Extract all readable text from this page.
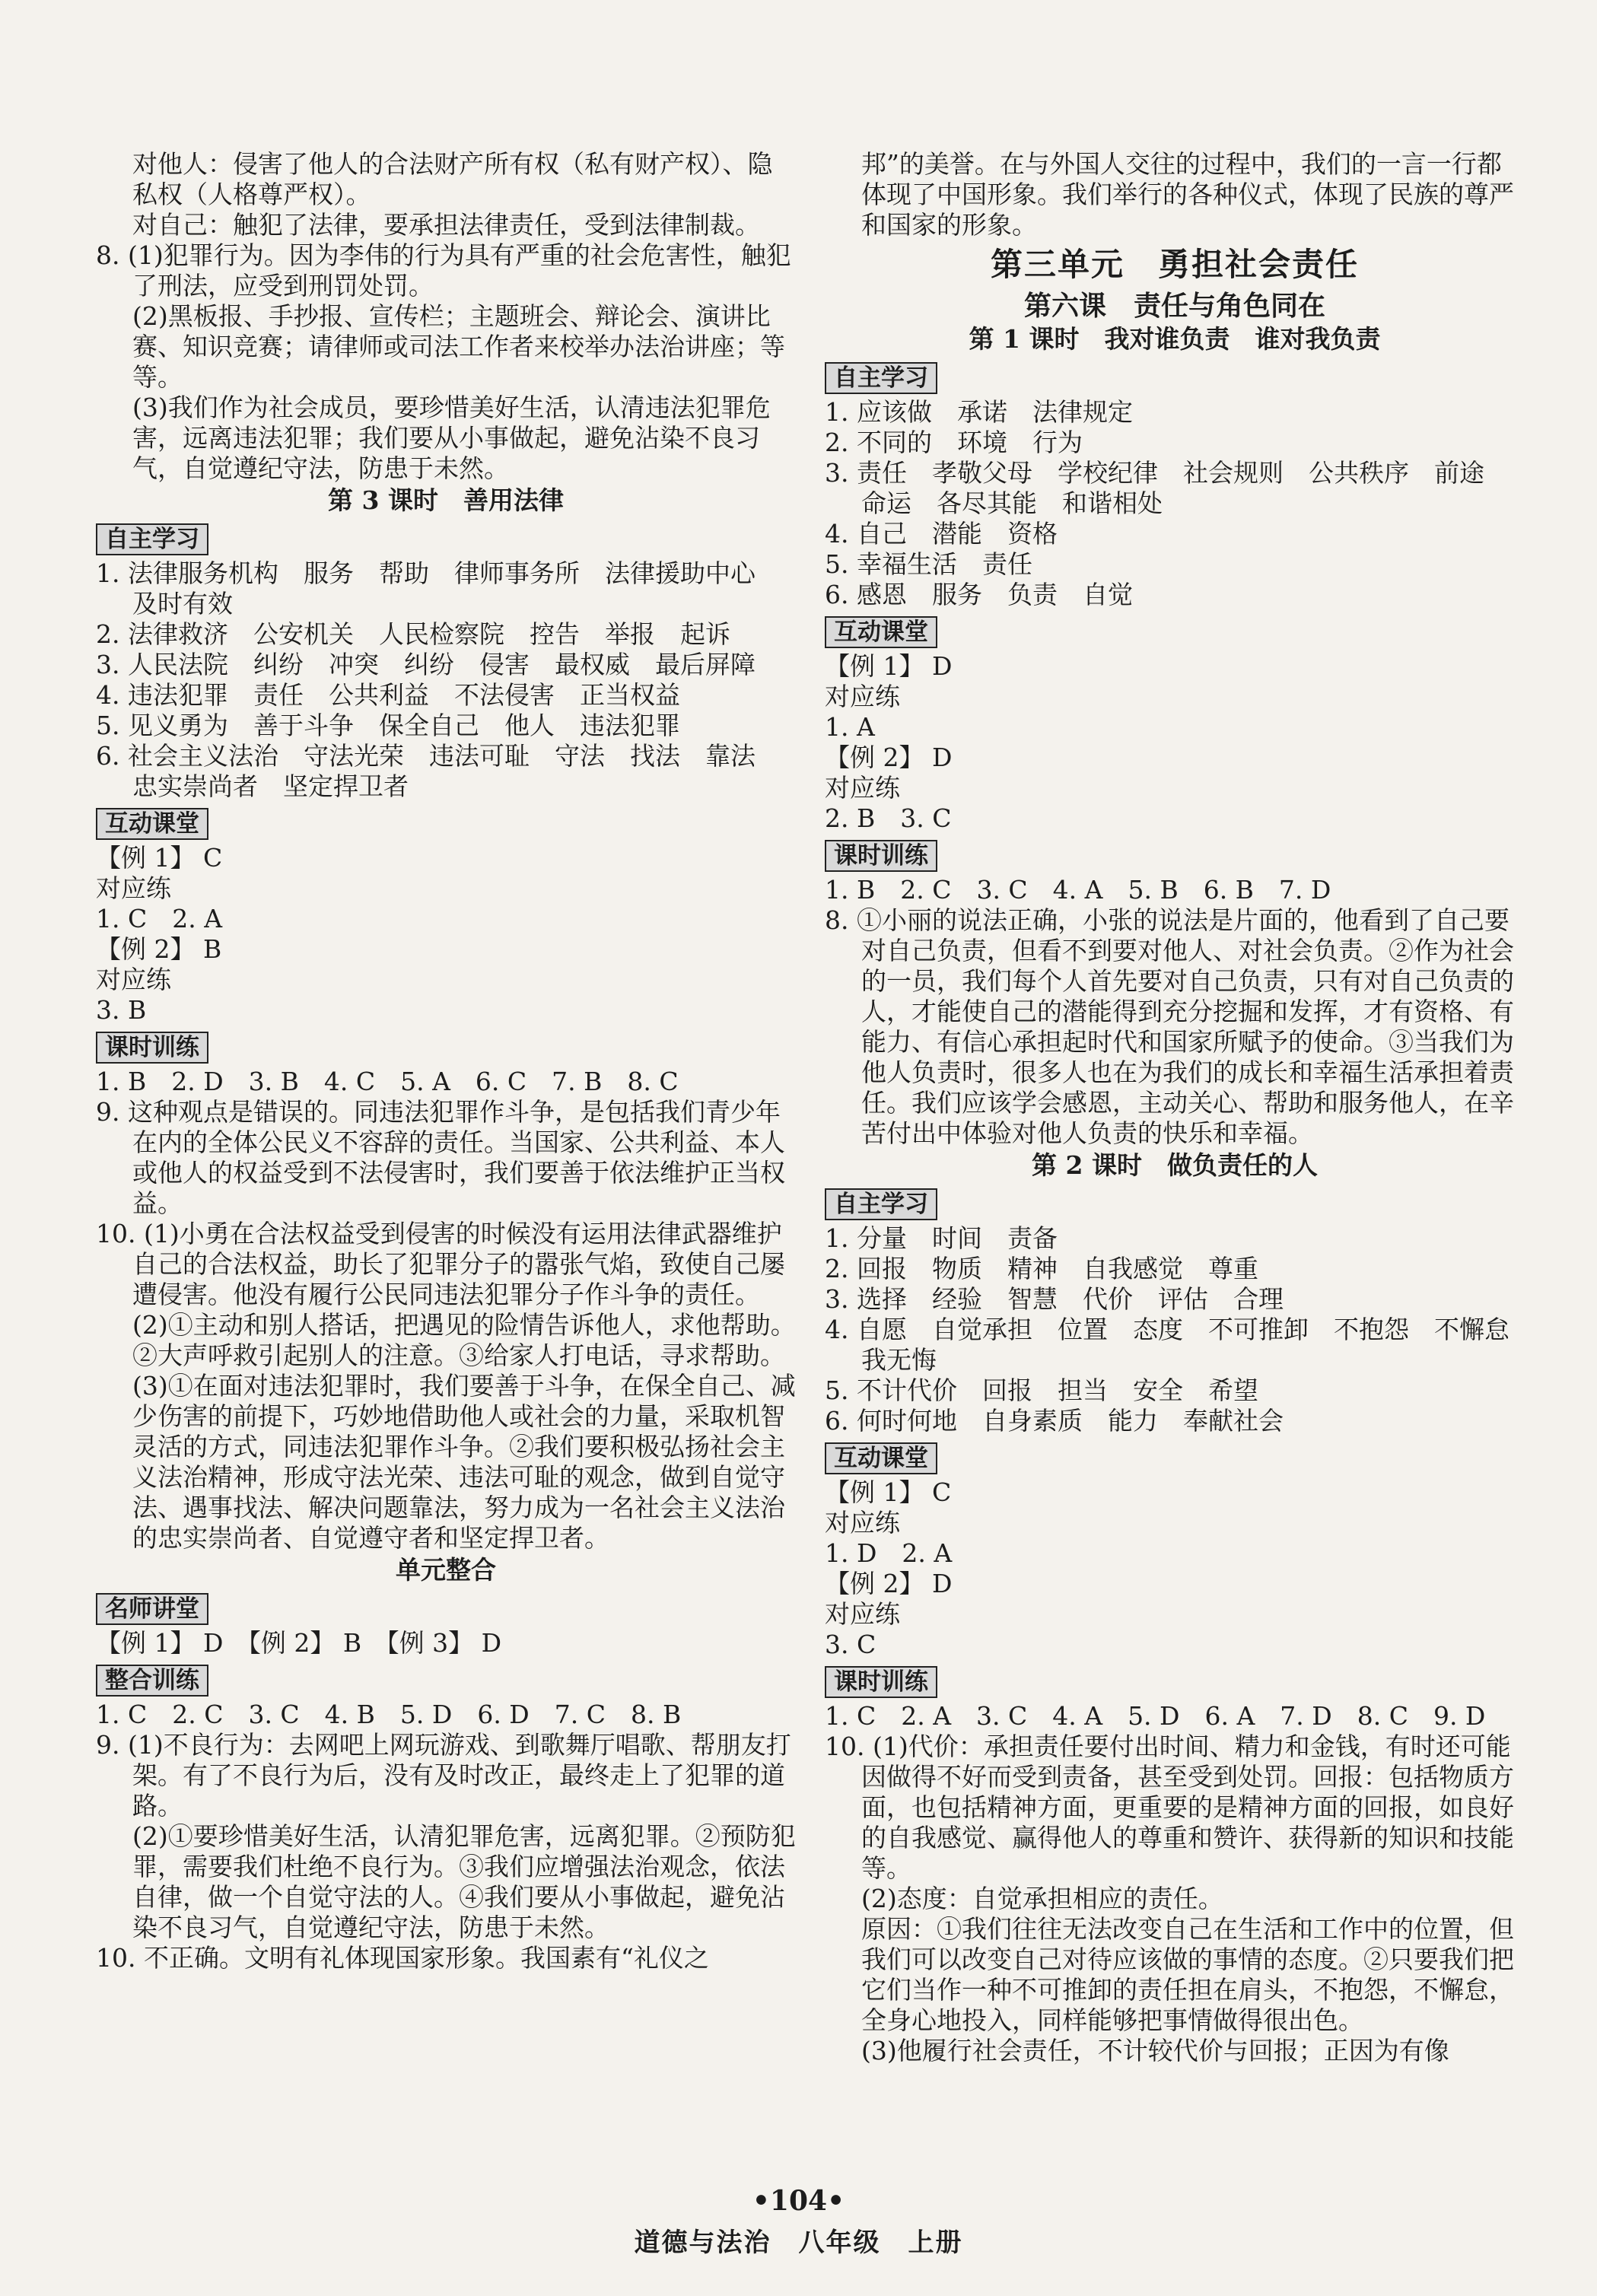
对他人：侵害了他人的合法财产所有权（私有财产权）、隐私权（人格尊严权）。
对自己：触犯了法律，要承担法律责任，受到法律制裁。
8. (1)犯罪行为。因为李伟的行为具有严重的社会危害性，触犯了刑法，应受到刑罚处罚。
(2)黑板报、手抄报、宣传栏；主题班会、辩论会、演讲比赛、知识竞赛；请律师或司法工作者来校举办法治讲座；等等。
(3)我们作为社会成员，要珍惜美好生活，认清违法犯罪危害，远离违法犯罪；我们要从小事做起，避免沾染不良习气，自觉遵纪守法，防患于未然。
第 3 课时　善用法律
自主学习
1. 法律服务机构　服务　帮助　律师事务所　法律援助中心　及时有效
2. 法律救济　公安机关　人民检察院　控告　举报　起诉
3. 人民法院　纠纷　冲突　纠纷　侵害　最权威　最后屏障
4. 违法犯罪　责任　公共利益　不法侵害　正当权益
5. 见义勇为　善于斗争　保全自己　他人　违法犯罪
6. 社会主义法治　守法光荣　违法可耻　守法　找法　靠法　忠实崇尚者　坚定捍卫者
互动课堂
【例 1】 C
对应练
1. C　2. A
【例 2】 B
对应练
3. B
课时训练
1. B　2. D　3. B　4. C　5. A　6. C　7. B　8. C
9. 这种观点是错误的。同违法犯罪作斗争，是包括我们青少年在内的全体公民义不容辞的责任。当国家、公共利益、本人或他人的权益受到不法侵害时，我们要善于依法维护正当权益。
10. (1)小勇在合法权益受到侵害的时候没有运用法律武器维护自己的合法权益，助长了犯罪分子的嚣张气焰，致使自己屡遭侵害。他没有履行公民同违法犯罪分子作斗争的责任。
(2)①主动和别人搭话，把遇见的险情告诉他人，求他帮助。②大声呼救引起别人的注意。③给家人打电话，寻求帮助。
(3)①在面对违法犯罪时，我们要善于斗争，在保全自己、减少伤害的前提下，巧妙地借助他人或社会的力量，采取机智灵活的方式，同违法犯罪作斗争。②我们要积极弘扬社会主义法治精神，形成守法光荣、违法可耻的观念，做到自觉守法、遇事找法、解决问题靠法，努力成为一名社会主义法治的忠实崇尚者、自觉遵守者和坚定捍卫者。
单元整合
名师讲堂
【例 1】 D　【例 2】 B　【例 3】 D
整合训练
1. C　2. C　3. C　4. B　5. D　6. D　7. C　8. B
9. (1)不良行为：去网吧上网玩游戏、到歌舞厅唱歌、帮朋友打架。有了不良行为后，没有及时改正，最终走上了犯罪的道路。
(2)①要珍惜美好生活，认清犯罪危害，远离犯罪。②预防犯罪，需要我们杜绝不良行为。③我们应增强法治观念，依法自律，做一个自觉守法的人。④我们要从小事做起，避免沾染不良习气，自觉遵纪守法，防患于未然。
10. 不正确。文明有礼体现国家形象。我国素有“礼仪之
邦”的美誉。在与外国人交往的过程中，我们的一言一行都体现了中国形象。我们举行的各种仪式，体现了民族的尊严和国家的形象。
第三单元　勇担社会责任
第六课　责任与角色同在
第 1 课时　我对谁负责　谁对我负责
自主学习
1. 应该做　承诺　法律规定
2. 不同的　环境　行为
3. 责任　孝敬父母　学校纪律　社会规则　公共秩序　前途　命运　各尽其能　和谐相处
4. 自己　潜能　资格
5. 幸福生活　责任
6. 感恩　服务　负责　自觉
互动课堂
【例 1】 D
对应练
1. A
【例 2】 D
对应练
2. B　3. C
课时训练
1. B　2. C　3. C　4. A　5. B　6. B　7. D
8. ①小丽的说法正确，小张的说法是片面的，他看到了自己要对自己负责，但看不到要对他人、对社会负责。②作为社会的一员，我们每个人首先要对自己负责，只有对自己负责的人，才能使自己的潜能得到充分挖掘和发挥，才有资格、有能力、有信心承担起时代和国家所赋予的使命。③当我们为他人负责时，很多人也在为我们的成长和幸福生活承担着责任。我们应该学会感恩，主动关心、帮助和服务他人，在辛苦付出中体验对他人负责的快乐和幸福。
第 2 课时　做负责任的人
自主学习
1. 分量　时间　责备
2. 回报　物质　精神　自我感觉　尊重
3. 选择　经验　智慧　代价　评估　合理
4. 自愿　自觉承担　位置　态度　不可推卸　不抱怨　不懈怠　我无悔
5. 不计代价　回报　担当　安全　希望
6. 何时何地　自身素质　能力　奉献社会
互动课堂
【例 1】 C
对应练
1. D　2. A
【例 2】 D
对应练
3. C
课时训练
1. C　2. A　3. C　4. A　5. D　6. A　7. D　8. C　9. D
10. (1)代价：承担责任要付出时间、精力和金钱，有时还可能因做得不好而受到责备，甚至受到处罚。回报：包括物质方面，也包括精神方面，更重要的是精神方面的回报，如良好的自我感觉、赢得他人的尊重和赞许、获得新的知识和技能等。
(2)态度：自觉承担相应的责任。
原因：①我们往往无法改变自己在生活和工作中的位置，但我们可以改变自己对待应该做的事情的态度。②只要我们把它们当作一种不可推卸的责任担在肩头，不抱怨，不懈怠，全身心地投入，同样能够把事情做得很出色。
(3)他履行社会责任，不计较代价与回报；正因为有像
•104•
道德与法治　八年级　上册
